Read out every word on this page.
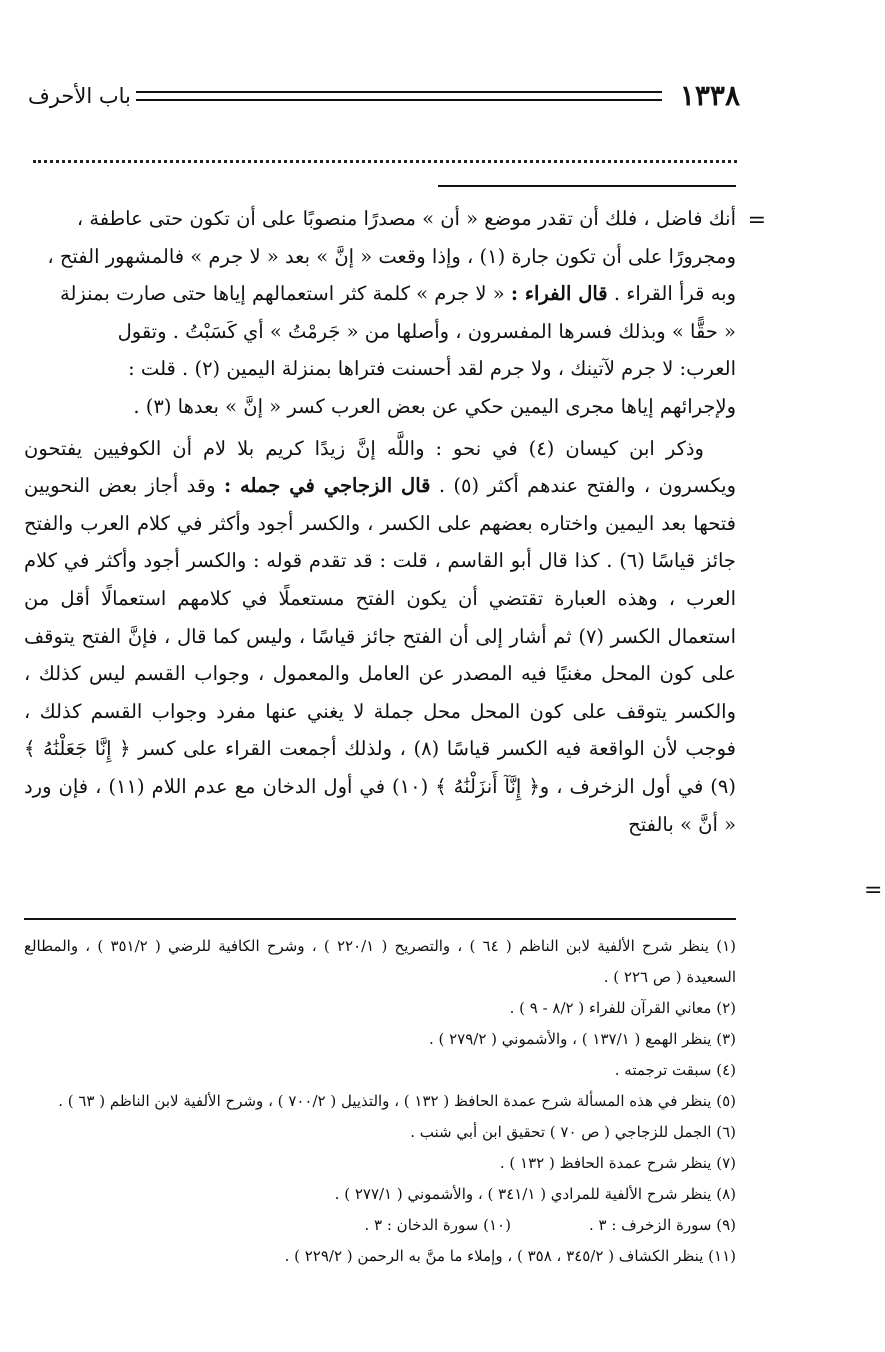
١٣٣٨
باب الأحرف
=

أنك فاضل ، فلك أن تقدر موضع « أن » مصدرًا منصوبًا على أن تكون حتى عاطفة ،

ومجرورًا على أن تكون جارة (١) ، وإذا وقعت « إنَّ » بعد « لا جرم » فالمشهور الفتح ،

وبه قرأ القراء . قال الفراء : « لا جرم » كلمة كثر استعمالهم إياها حتى صارت بمنزلة

« حقًّا » وبذلك فسرها المفسرون ، وأصلها من « جَرمْتُ » أي كَسَبْتُ . وتقول

العرب: لا جرم لآتينك ، ولا جرم لقد أحسنت فتراها بمنزلة اليمين (٢) . قلت :

ولإجرائهم إياها مجرى اليمين حكي عن بعض العرب كسر « إنَّ » بعدها (٣) .

وذكر ابن كيسان (٤) في نحو : واللَّه إنَّ زيدًا كريم بلا لام أن الكوفيين يفتحون ويكسرون ، والفتح عندهم أكثر (٥) . قال الزجاجي في جمله : وقد أجاز بعض النحويين فتحها بعد اليمين واختاره بعضهم على الكسر ، والكسر أجود وأكثر في كلام العرب والفتح جائز قياسًا (٦) . كذا قال أبو القاسم ، قلت : قد تقدم قوله : والكسر أجود وأكثر في كلام العرب ، وهذه العبارة تقتضي أن يكون الفتح مستعملًا في كلامهم استعمالًا أقل من استعمال الكسر (٧) ثم أشار إلى أن الفتح جائز قياسًا ، وليس كما قال ، فإنَّ الفتح يتوقف على كون المحل مغنيًا فيه المصدر عن العامل والمعمول ، وجواب القسم ليس كذلك ، والكسر يتوقف على كون المحل محل جملة لا يغني عنها مفرد وجواب القسم كذلك ، فوجب لأن الواقعة فيه الكسر قياسًا (٨) ، ولذلك أجمعت القراء على كسر ﴿ إِنَّا جَعَلْنَٰهُ ﴾ (٩) في أول الزخرف ، و﴿ إِنَّآ أَنزَلْنَٰهُ ﴾ (١٠) في أول الدخان مع عدم اللام (١١) ، فإن ورد « أنَّ » بالفتح
=

(١) ينظر شرح الألفية لابن الناظم ( ٦٤ ) ، والتصريح ( ٢٢٠/١ ) ، وشرح الكافية للرضي ( ٣٥١/٢ ) ، والمطالع السعيدة ( ص ٢٢٦ ) .

(٢) معاني القرآن للفراء ( ٨/٢ - ٩ ) .

(٣) ينظر الهمع ( ١٣٧/١ ) ، والأشموني ( ٢٧٩/٢ ) .

(٤) سبقت ترجمته .

(٥) ينظر في هذه المسألة شرح عمدة الحافظ ( ١٣٢ ) ، والتذييل ( ٧٠٠/٢ ) ، وشرح الألفية لابن الناظم ( ٦٣ ) .

(٦) الجمل للزجاجي ( ص ٧٠ ) تحقيق ابن أبي شنب .

(٧) ينظر شرح عمدة الحافظ ( ١٣٢ ) .

(٨) ينظر شرح الألفية للمرادي ( ٣٤١/١ ) ، والأشموني ( ٢٧٧/١ ) .

(٩) سورة الزخرف : ٣ .
(١٠) سورة الدخان : ٣ .

(١١) ينظر الكشاف ( ٣٤٥/٢ ، ٣٥٨ ) ، وإملاء ما منَّ به الرحمن ( ٢٢٩/٢ ) .
